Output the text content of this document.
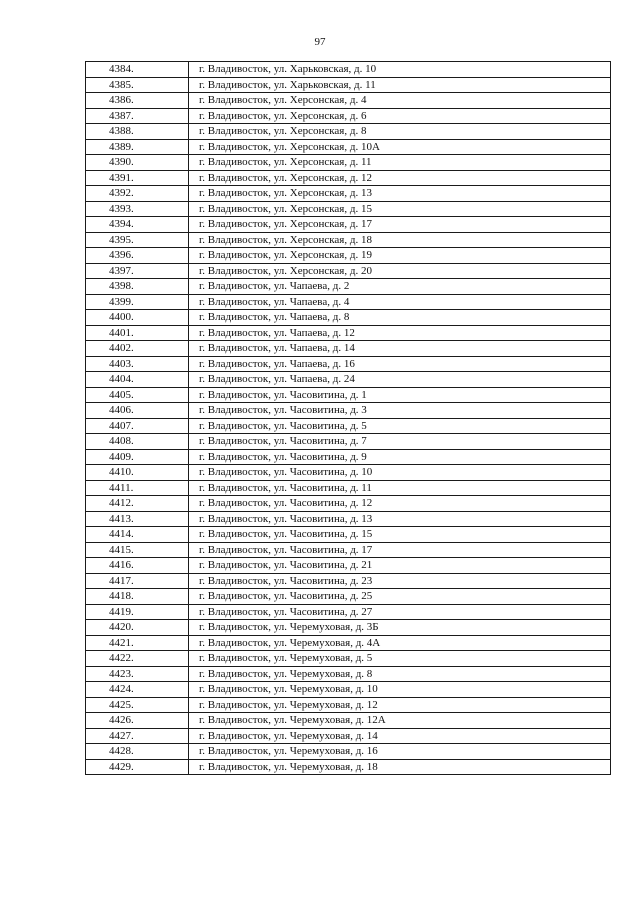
97
4384.	г. Владивосток, ул. Харьковская, д. 10
4385.	г. Владивосток, ул. Харьковская, д. 11
4386.	г. Владивосток, ул. Херсонская, д. 4
4387.	г. Владивосток, ул. Херсонская, д. 6
4388.	г. Владивосток, ул. Херсонская, д. 8
4389.	г. Владивосток, ул. Херсонская, д. 10А
4390.	г. Владивосток, ул. Херсонская, д. 11
4391.	г. Владивосток, ул. Херсонская, д. 12
4392.	г. Владивосток, ул. Херсонская, д. 13
4393.	г. Владивосток, ул. Херсонская, д. 15
4394.	г. Владивосток, ул. Херсонская, д. 17
4395.	г. Владивосток, ул. Херсонская, д. 18
4396.	г. Владивосток, ул. Херсонская, д. 19
4397.	г. Владивосток, ул. Херсонская, д. 20
4398.	г. Владивосток, ул. Чапаева, д. 2
4399.	г. Владивосток, ул. Чапаева, д. 4
4400.	г. Владивосток, ул. Чапаева, д. 8
4401.	г. Владивосток, ул. Чапаева, д. 12
4402.	г. Владивосток, ул. Чапаева, д. 14
4403.	г. Владивосток, ул. Чапаева, д. 16
4404.	г. Владивосток, ул. Чапаева, д. 24
4405.	г. Владивосток, ул. Часовитина, д. 1
4406.	г. Владивосток, ул. Часовитина, д. 3
4407.	г. Владивосток, ул. Часовитина, д. 5
4408.	г. Владивосток, ул. Часовитина, д. 7
4409.	г. Владивосток, ул. Часовитина, д. 9
4410.	г. Владивосток, ул. Часовитина, д. 10
4411.	г. Владивосток, ул. Часовитина, д. 11
4412.	г. Владивосток, ул. Часовитина, д. 12
4413.	г. Владивосток, ул. Часовитина, д. 13
4414.	г. Владивосток, ул. Часовитина, д. 15
4415.	г. Владивосток, ул. Часовитина, д. 17
4416.	г. Владивосток, ул. Часовитина, д. 21
4417.	г. Владивосток, ул. Часовитина, д. 23
4418.	г. Владивосток, ул. Часовитина, д. 25
4419.	г. Владивосток, ул. Часовитина, д. 27
4420.	г. Владивосток, ул. Черемуховая, д. 3Б
4421.	г. Владивосток, ул. Черемуховая, д. 4А
4422.	г. Владивосток, ул. Черемуховая, д. 5
4423.	г. Владивосток, ул. Черемуховая, д. 8
4424.	г. Владивосток, ул. Черемуховая, д. 10
4425.	г. Владивосток, ул. Черемуховая, д. 12
4426.	г. Владивосток, ул. Черемуховая, д. 12А
4427.	г. Владивосток, ул. Черемуховая, д. 14
4428.	г. Владивосток, ул. Черемуховая, д. 16
4429.	г. Владивосток, ул. Черемуховая, д. 18
